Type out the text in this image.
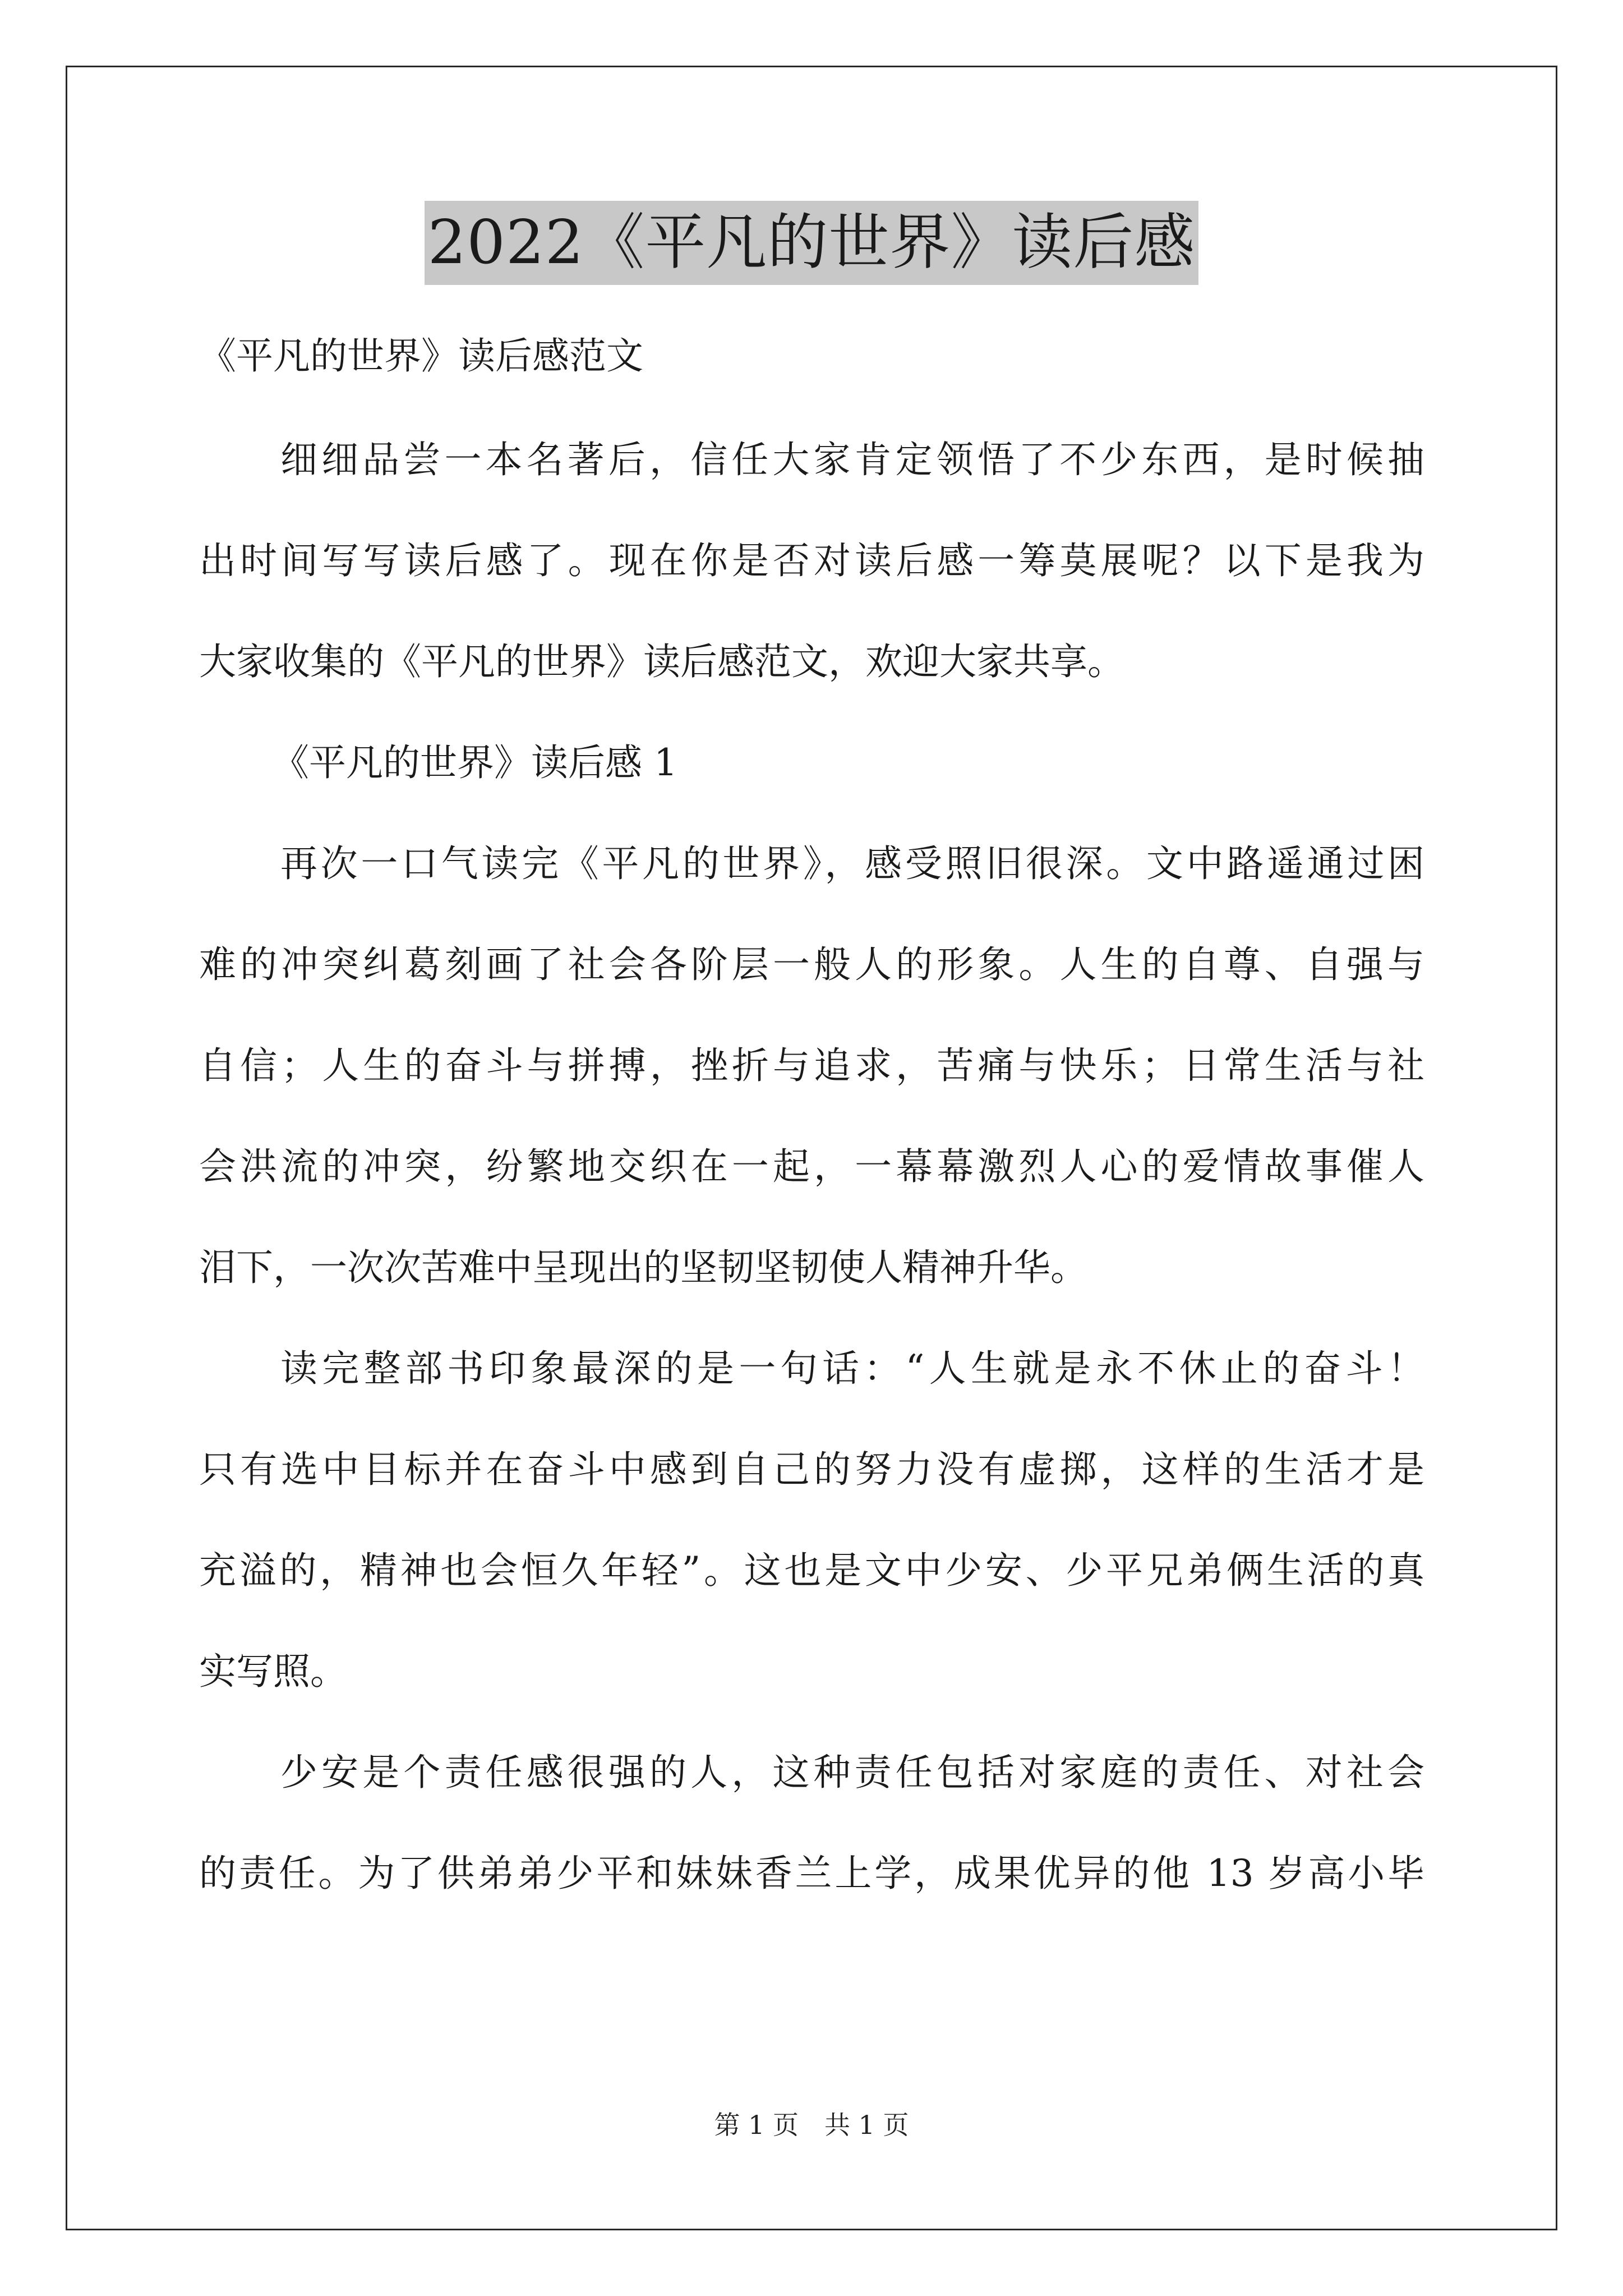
2022《平凡的世界》读后感
《平凡的世界》读后感范文
细细品尝一本名著后，信任大家肯定领悟了不少东西，是时候抽
出时间写写读后感了。现在你是否对读后感一筹莫展呢？以下是我为
大家收集的《平凡的世界》读后感范文，欢迎大家共享。
《平凡的世界》读后感 1
再次一口气读完《平凡的世界》，感受照旧很深。文中路遥通过困
难的冲突纠葛刻画了社会各阶层一般人的形象。人生的自尊、自强与
自信；人生的奋斗与拼搏，挫折与追求，苦痛与快乐；日常生活与社
会洪流的冲突，纷繁地交织在一起，一幕幕激烈人心的爱情故事催人
泪下，一次次苦难中呈现出的坚韧坚韧使人精神升华。
读完整部书印象最深的是一句话：“人生就是永不休止的奋斗！
只有选中目标并在奋斗中感到自己的努力没有虚掷，这样的生活才是
充溢的，精神也会恒久年轻”。这也是文中少安、少平兄弟俩生活的真
实写照。
少安是个责任感很强的人，这种责任包括对家庭的责任、对社会
的责任。为了供弟弟少平和妹妹香兰上学，成果优异的他 13 岁高小毕
第 1 页　共 1 页
